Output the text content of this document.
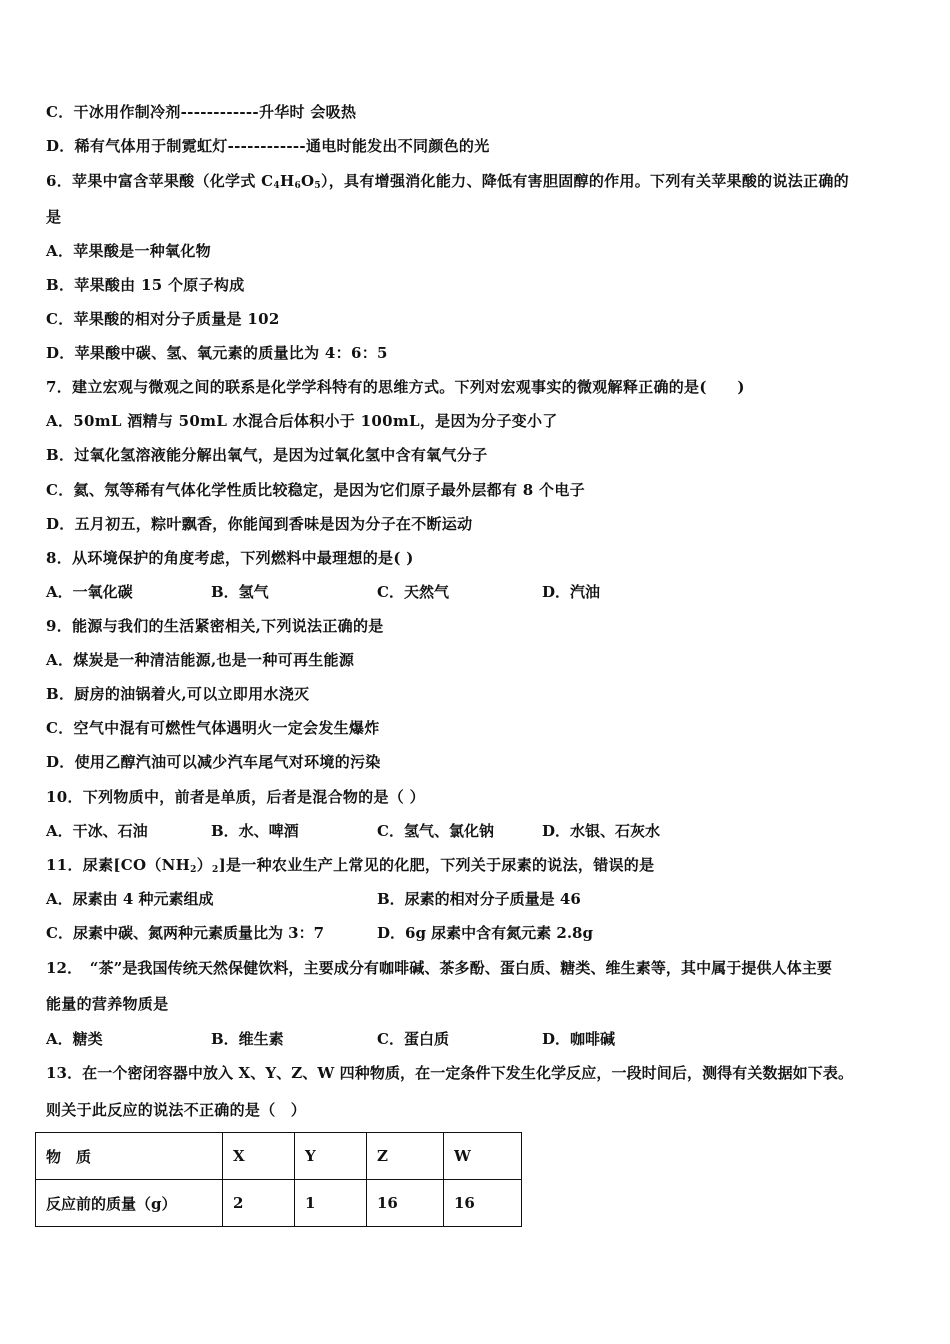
C．干冰用作制冷剂------------升华时 会吸热
D．稀有气体用于制霓虹灯------------通电时能发出不同颜色的光
6．苹果中富含苹果酸（化学式 $C_4H_6O_5$），具有增强消化能力、降低有害胆固醇的作用。下列有关苹果酸的说法正确的
是
A．苹果酸是一种氧化物
B．苹果酸由 15 个原子构成
C．苹果酸的相对分子质量是 102
D．苹果酸中碳、氢、氧元素的质量比为 4：6：5
7．建立宏观与微观之间的联系是化学学科特有的思维方式。下列对宏观事实的微观解释正确的是(　　)
A．50mL 酒精与 50mL 水混合后体积小于 100mL，是因为分子变小了
B．过氧化氢溶液能分解出氧气，是因为过氧化氢中含有氧气分子
C．氦、氖等稀有气体化学性质比较稳定，是因为它们原子最外层都有 8 个电子
D．五月初五，粽叶飘香，你能闻到香味是因为分子在不断运动
8．从环境保护的角度考虑，下列燃料中最理想的是( )
A．一氧化碳	B．氢气	C．天然气	D．汽油
9．能源与我们的生活紧密相关,下列说法正确的是
A．煤炭是一种清洁能源,也是一种可再生能源
B．厨房的油锅着火,可以立即用水浇灭
C．空气中混有可燃性气体遇明火一定会发生爆炸
D．使用乙醇汽油可以减少汽车尾气对环境的污染
10．下列物质中，前者是单质，后者是混合物的是（ ）
A．干冰、石油	B．水、啤酒	C．氢气、氯化钠	D．水银、石灰水
11．尿素$[CO(NH_2)_2]$是一种农业生产上常见的化肥，下列关于尿素的说法，错误的是
A．尿素由 4 种元素组成	B．尿素的相对分子质量是 46
C．尿素中碳、氮两种元素质量比为 3：7	D．6g 尿素中含有氮元素 2.8g
12．　“茶”是我国传统天然保健饮料，主要成分有咖啡碱、茶多酚、蛋白质、糖类、维生素等，其中属于提供人体主要
能量的营养物质是
A．糖类	B．维生素	C．蛋白质	D．咖啡碱
13．在一个密闭容器中放入 X、Y、Z、W 四种物质，在一定条件下发生化学反应，一段时间后，测得有关数据如下表。
则关于此反应的说法不正确的是（　）
物　质	X	Y	Z	W
反应前的质量（g）	2	1	16	16
